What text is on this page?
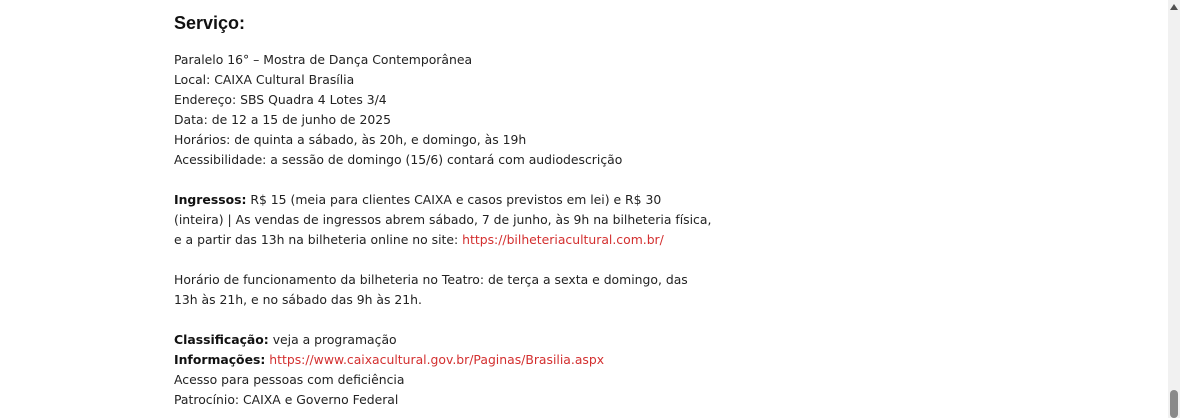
Serviço:
Paralelo 16° – Mostra de Dança Contemporânea
Local: CAIXA Cultural Brasília
Endereço: SBS Quadra 4 Lotes 3/4
Data: de 12 a 15 de junho de 2025
Horários: de quinta a sábado, às 20h, e domingo, às 19h
Acessibilidade: a sessão de domingo (15/6) contará com audiodescrição
Ingressos: R$ 15 (meia para clientes CAIXA e casos previstos em lei) e R$ 30 (inteira) | As vendas de ingressos abrem sábado, 7 de junho, às 9h na bilheteria física, e a partir das 13h na bilheteria online no site: https://bilheteriacultural.com.br/
Horário de funcionamento da bilheteria no Teatro: de terça a sexta e domingo, das 13h às 21h, e no sábado das 9h às 21h.
Classificação: veja a programação
Informações: https://www.caixacultural.gov.br/Paginas/Brasilia.aspx
Acesso para pessoas com deficiência
Patrocínio: CAIXA e Governo Federal
